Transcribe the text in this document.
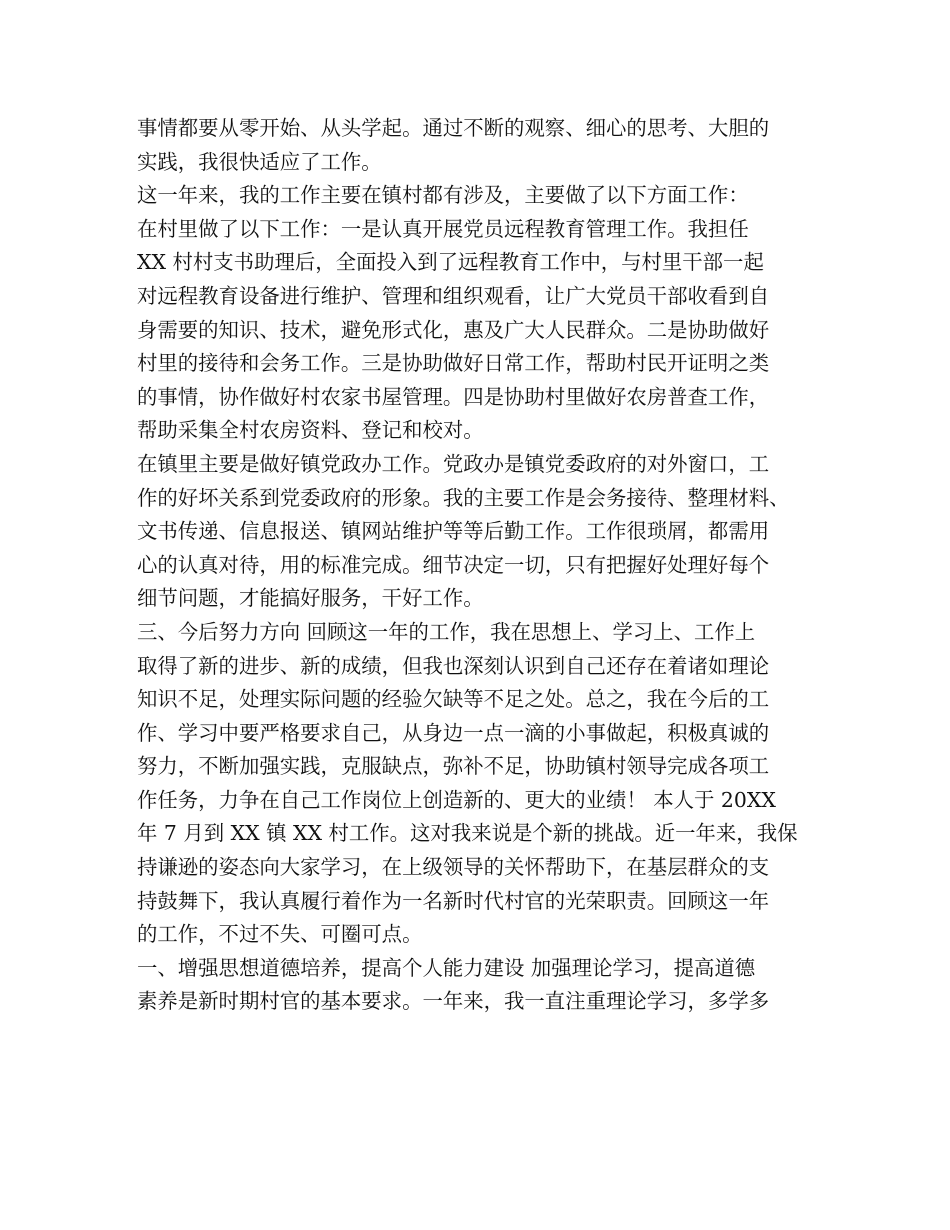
事情都要从零开始、从头学起。通过不断的观察、细心的思考、大胆的
实践，我很快适应了工作。

这一年来，我的工作主要在镇村都有涉及，主要做了以下方面工作：

在村里做了以下工作：一是认真开展党员远程教育管理工作。我担任
XX 村村支书助理后，全面投入到了远程教育工作中，与村里干部一起
对远程教育设备进行维护、管理和组织观看，让广大党员干部收看到自
身需要的知识、技术，避免形式化，惠及广大人民群众。二是协助做好
村里的接待和会务工作。三是协助做好日常工作，帮助村民开证明之类
的事情，协作做好村农家书屋管理。四是协助村里做好农房普查工作，
帮助采集全村农房资料、登记和校对。

在镇里主要是做好镇党政办工作。党政办是镇党委政府的对外窗口，工
作的好坏关系到党委政府的形象。我的主要工作是会务接待、整理材料、
文书传递、信息报送、镇网站维护等等后勤工作。工作很琐屑，都需用
心的认真对待，用的标准完成。细节决定一切，只有把握好处理好每个
细节问题，才能搞好服务，干好工作。

三、今后努力方向 回顾这一年的工作，我在思想上、学习上、工作上
取得了新的进步、新的成绩，但我也深刻认识到自己还存在着诸如理论
知识不足，处理实际问题的经验欠缺等不足之处。总之，我在今后的工
作、学习中要严格要求自己，从身边一点一滴的小事做起，积极真诚的
努力，不断加强实践，克服缺点，弥补不足，协助镇村领导完成各项工
作任务，力争在自己工作岗位上创造新的、更大的业绩！ 本人于 20XX
年 7 月到 XX 镇 XX 村工作。这对我来说是个新的挑战。近一年来，我保
持谦逊的姿态向大家学习，在上级领导的关怀帮助下，在基层群众的支
持鼓舞下，我认真履行着作为一名新时代村官的光荣职责。回顾这一年
的工作，不过不失、可圈可点。

一、增强思想道德培养，提高个人能力建设 加强理论学习，提高道德
素养是新时期村官的基本要求。一年来，我一直注重理论学习，多学多
